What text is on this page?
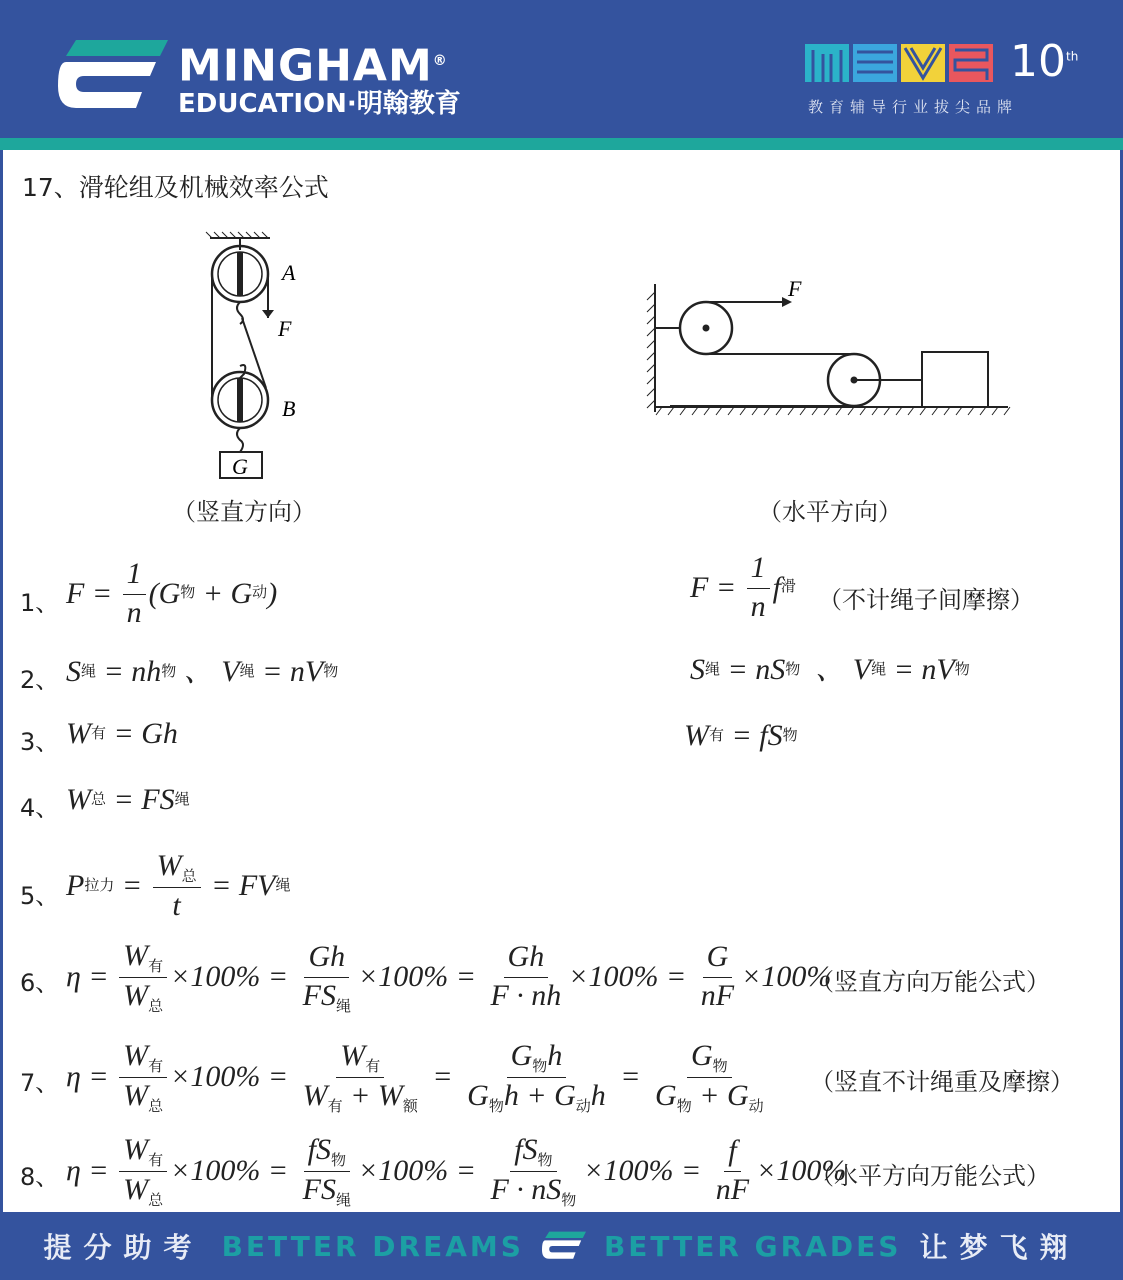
MINGHAM®
EDUCATION·明翰教育
10th
教育辅导行业拔尖品牌
17、滑轮组及机械效率公式
A
F
B
G
（竖直方向）
F
（水平方向）
1、
2、
3、
4、
5、
6、
7、
8、
$F = \frac{1}{n} (G$ 物 + G 动 )
S 绳 = nh 物 、 V 绳 = nV 物
W 有 = Gh
W 总 = FS 绳
P 拉力 = $\frac{W_总}{t}$ = FV 绳
$\eta = \frac{W_有}{W_总} \times 100\% = \frac{Gh}{FS_绳} \times 100\% = \frac{Gh}{F \cdot nh} \times 100\% = \frac{G}{nF} \times 100\%$
$\eta = \frac{W_有}{W_总} \times 100\% = \frac{W_有}{W_有 + W_额} = \frac{G_物h}{G_物h + G_动h} = \frac{G_物}{G_物 + G_动}$
$\eta = \frac{W_有}{W_总} \times 100\% = \frac{fS_物}{FS_绳} \times 100\% = \frac{fS_物}{F \cdot nS_物} \times 100\% = \frac{f}{nF} \times 100\%$
$F = \frac{1}{n}$ f 滑
S 绳 = nS 物 、 V 绳 = nV 物
W 有 = fS 物
（不计绳子间摩擦）
（竖直方向万能公式）
（竖直不计绳重及摩擦）
（水平方向万能公式）
提分助考 BETTER DREAMS	BETTER GRADES 让梦飞翔
